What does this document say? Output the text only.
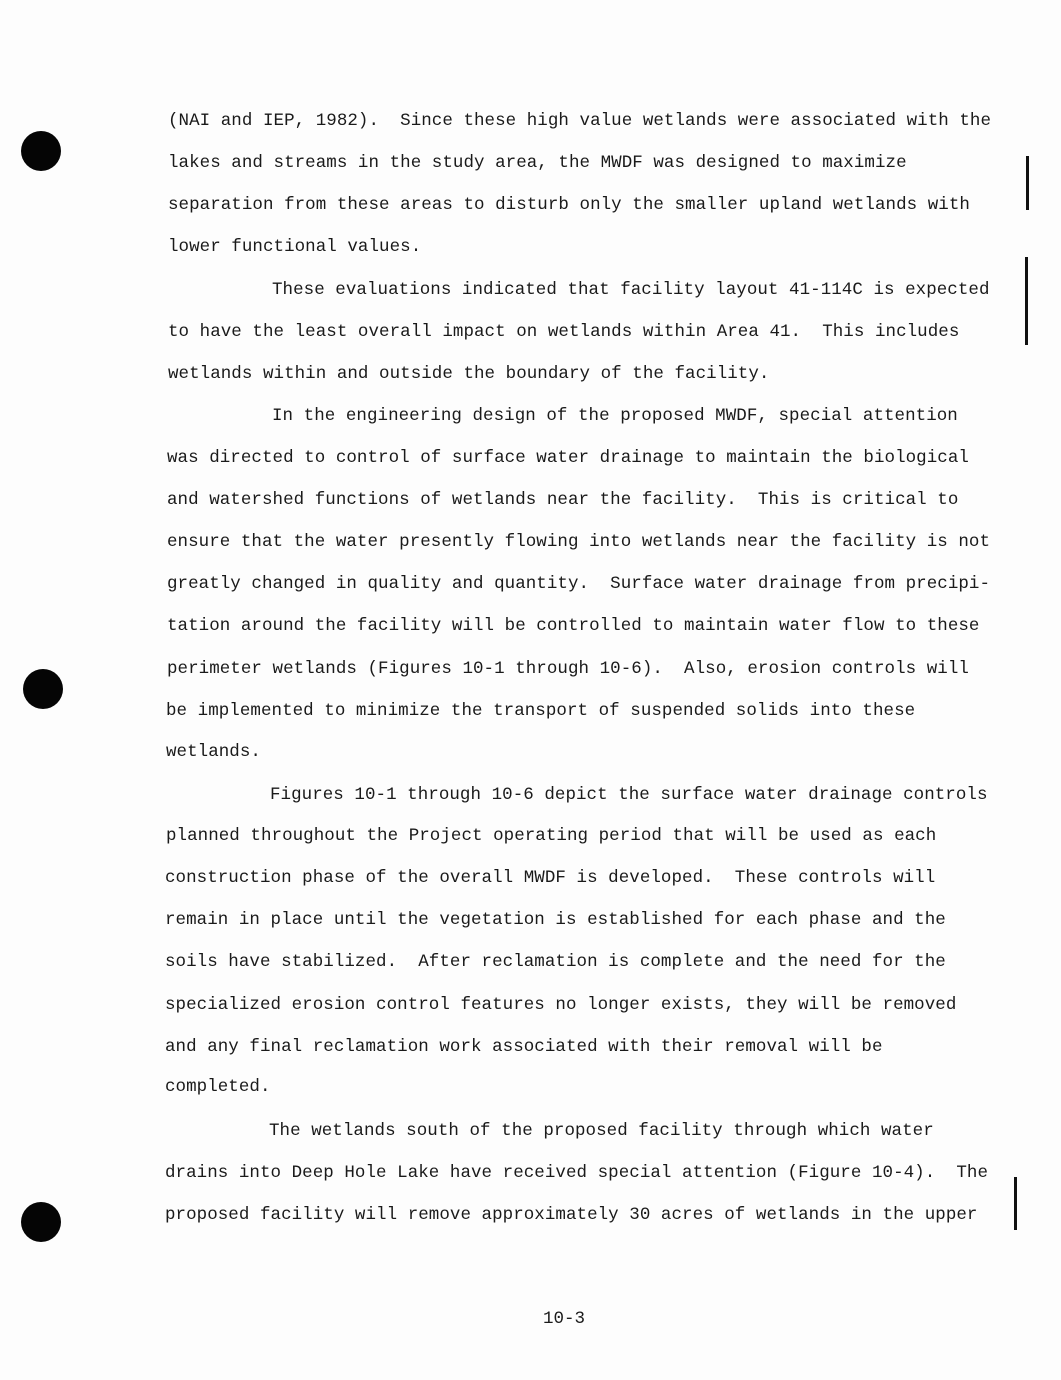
(NAI and IEP, 1982).  Since these high value wetlands were associated with the
lakes and streams in the study area, the MWDF was designed to maximize
separation from these areas to disturb only the smaller upland wetlands with
lower functional values.
These evaluations indicated that facility layout 41-114C is expected
to have the least overall impact on wetlands within Area 41.  This includes
wetlands within and outside the boundary of the facility.
In the engineering design of the proposed MWDF, special attention
was directed to control of surface water drainage to maintain the biological
and watershed functions of wetlands near the facility.  This is critical to
ensure that the water presently flowing into wetlands near the facility is not
greatly changed in quality and quantity.  Surface water drainage from precipi-
tation around the facility will be controlled to maintain water flow to these
perimeter wetlands (Figures 10-1 through 10-6).  Also, erosion controls will
be implemented to minimize the transport of suspended solids into these
wetlands.
Figures 10-1 through 10-6 depict the surface water drainage controls
planned throughout the Project operating period that will be used as each
construction phase of the overall MWDF is developed.  These controls will
remain in place until the vegetation is established for each phase and the
soils have stabilized.  After reclamation is complete and the need for the
specialized erosion control features no longer exists, they will be removed
and any final reclamation work associated with their removal will be
completed.
The wetlands south of the proposed facility through which water
drains into Deep Hole Lake have received special attention (Figure 10-4).  The
proposed facility will remove approximately 30 acres of wetlands in the upper
10-3
